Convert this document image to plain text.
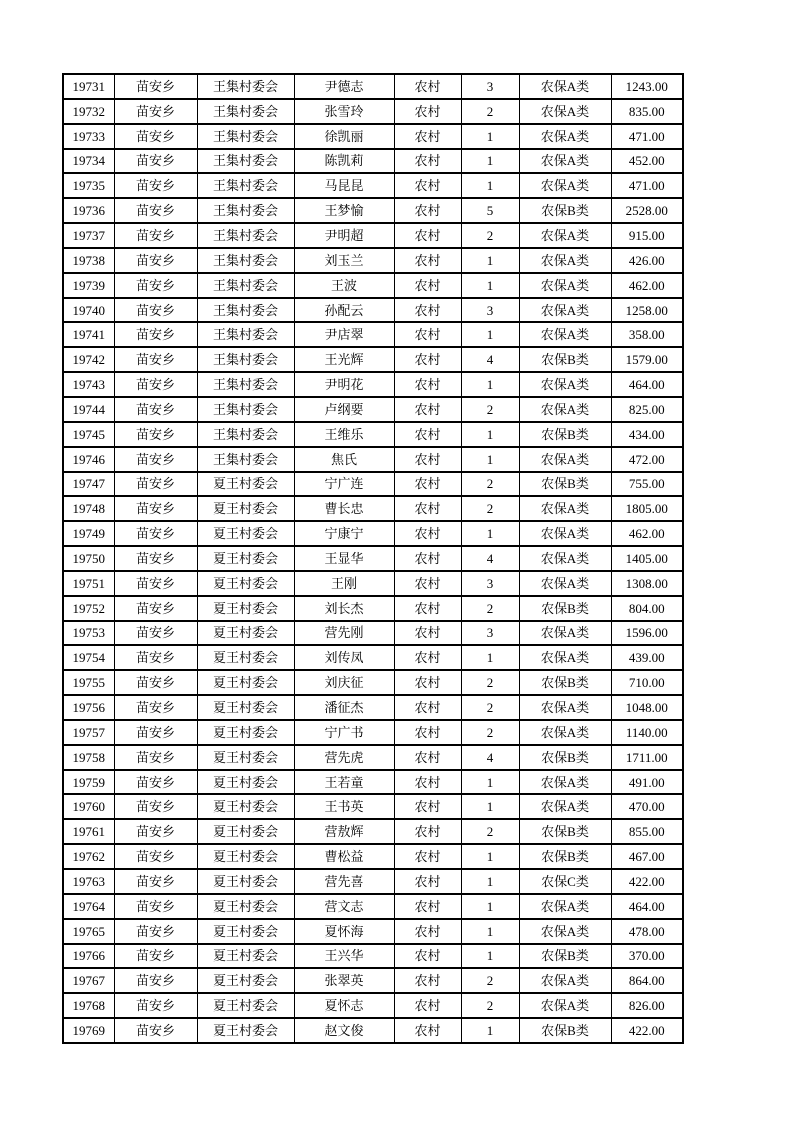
19731	苗安乡	王集村委会	尹德志	农村	3	农保A类	1243.00
19732	苗安乡	王集村委会	张雪玲	农村	2	农保A类	835.00
19733	苗安乡	王集村委会	徐凯丽	农村	1	农保A类	471.00
19734	苗安乡	王集村委会	陈凯莉	农村	1	农保A类	452.00
19735	苗安乡	王集村委会	马昆昆	农村	1	农保A类	471.00
19736	苗安乡	王集村委会	王梦愉	农村	5	农保B类	2528.00
19737	苗安乡	王集村委会	尹明超	农村	2	农保A类	915.00
19738	苗安乡	王集村委会	刘玉兰	农村	1	农保A类	426.00
19739	苗安乡	王集村委会	王波	农村	1	农保A类	462.00
19740	苗安乡	王集村委会	孙配云	农村	3	农保A类	1258.00
19741	苗安乡	王集村委会	尹店翠	农村	1	农保A类	358.00
19742	苗安乡	王集村委会	王光辉	农村	4	农保B类	1579.00
19743	苗安乡	王集村委会	尹明花	农村	1	农保A类	464.00
19744	苗安乡	王集村委会	卢纲要	农村	2	农保A类	825.00
19745	苗安乡	王集村委会	王维乐	农村	1	农保B类	434.00
19746	苗安乡	王集村委会	焦氏	农村	1	农保A类	472.00
19747	苗安乡	夏王村委会	宁广连	农村	2	农保B类	755.00
19748	苗安乡	夏王村委会	曹长忠	农村	2	农保A类	1805.00
19749	苗安乡	夏王村委会	宁康宁	农村	1	农保A类	462.00
19750	苗安乡	夏王村委会	王显华	农村	4	农保A类	1405.00
19751	苗安乡	夏王村委会	王刚	农村	3	农保A类	1308.00
19752	苗安乡	夏王村委会	刘长杰	农村	2	农保B类	804.00
19753	苗安乡	夏王村委会	营先刚	农村	3	农保A类	1596.00
19754	苗安乡	夏王村委会	刘传凤	农村	1	农保A类	439.00
19755	苗安乡	夏王村委会	刘庆征	农村	2	农保B类	710.00
19756	苗安乡	夏王村委会	潘征杰	农村	2	农保A类	1048.00
19757	苗安乡	夏王村委会	宁广书	农村	2	农保A类	1140.00
19758	苗安乡	夏王村委会	营先虎	农村	4	农保B类	1711.00
19759	苗安乡	夏王村委会	王若童	农村	1	农保A类	491.00
19760	苗安乡	夏王村委会	王书英	农村	1	农保A类	470.00
19761	苗安乡	夏王村委会	营敖辉	农村	2	农保B类	855.00
19762	苗安乡	夏王村委会	曹松益	农村	1	农保B类	467.00
19763	苗安乡	夏王村委会	营先喜	农村	1	农保C类	422.00
19764	苗安乡	夏王村委会	营文志	农村	1	农保A类	464.00
19765	苗安乡	夏王村委会	夏怀海	农村	1	农保A类	478.00
19766	苗安乡	夏王村委会	王兴华	农村	1	农保B类	370.00
19767	苗安乡	夏王村委会	张翠英	农村	2	农保A类	864.00
19768	苗安乡	夏王村委会	夏怀志	农村	2	农保A类	826.00
19769	苗安乡	夏王村委会	赵文俊	农村	1	农保B类	422.00
